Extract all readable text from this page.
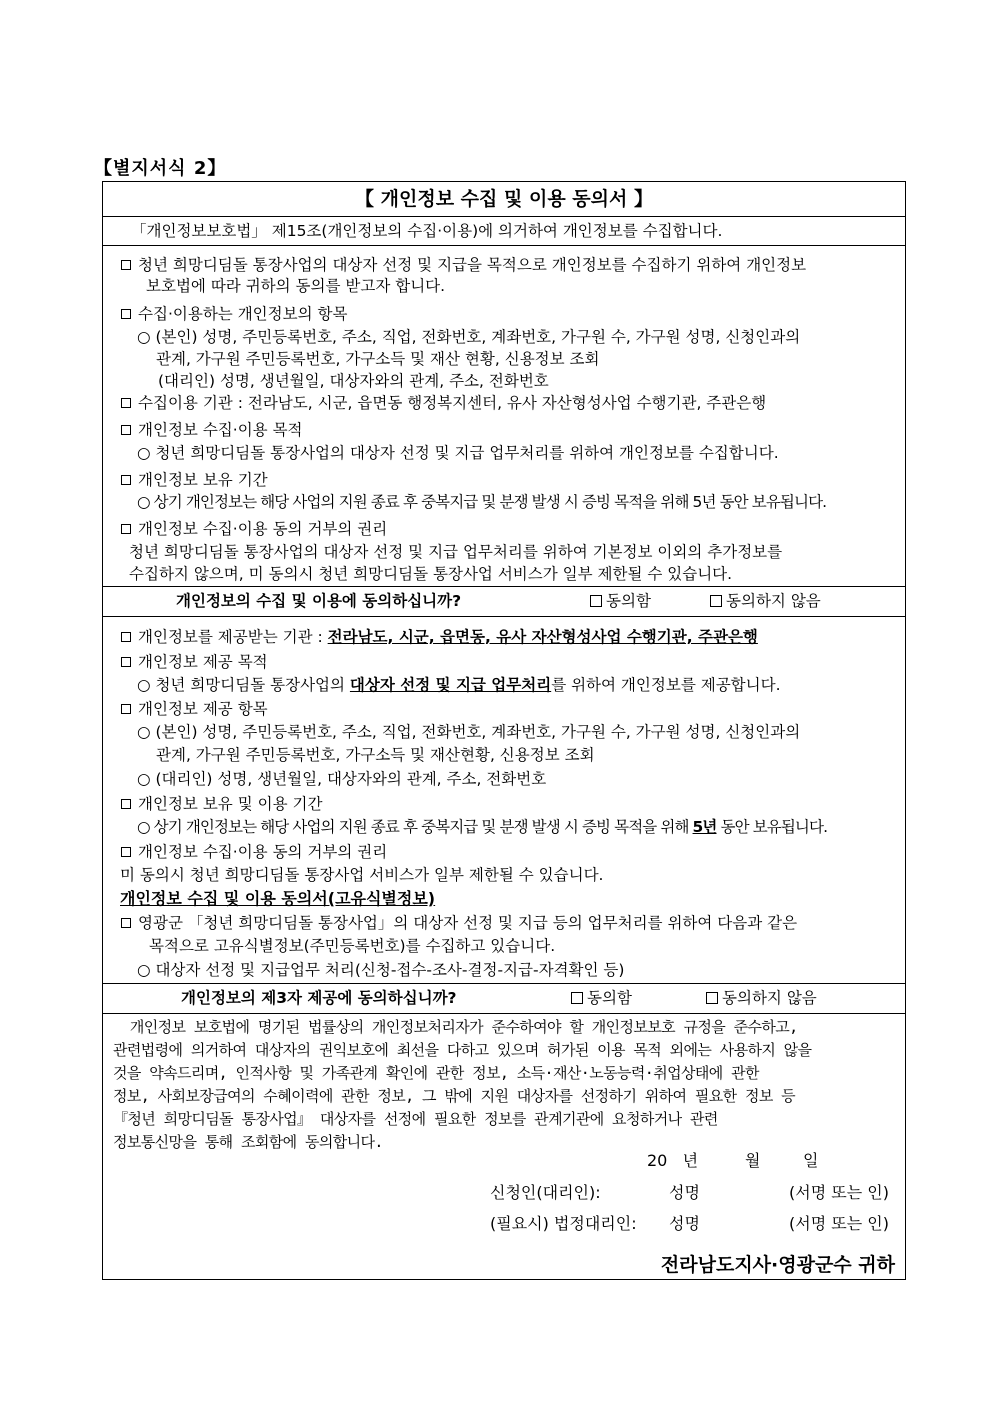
【별지서식 2】
【 개인정보 수집 및 이용 동의서 】
「개인정보보호법」 제15조(개인정보의 수집·이용)에 의거하여 개인정보를 수집합니다.
청년 희망디딤돌 통장사업의 대상자 선정 및 지급을 목적으로 개인정보를 수집하기 위하여 개인정보
보호법에 따라 귀하의 동의를 받고자 합니다.
수집·이용하는 개인정보의 항목
○ (본인) 성명, 주민등록번호, 주소, 직업, 전화번호, 계좌번호, 가구원 수, 가구원 성명, 신청인과의
관계, 가구원 주민등록번호, 가구소득 및 재산 현황, 신용정보 조회
(대리인) 성명, 생년월일, 대상자와의 관계, 주소, 전화번호
수집이용 기관 : 전라남도, 시군, 읍면동 행정복지센터, 유사 자산형성사업 수행기관, 주관은행
개인정보 수집·이용 목적
○ 청년 희망디딤돌 통장사업의 대상자 선정 및 지급 업무처리를 위하여 개인정보를 수집합니다.
개인정보 보유 기간
○ 상기 개인정보는 해당 사업의 지원 종료 후 중복지급 및 분쟁 발생 시 증빙 목적을 위해 5년 동안 보유됩니다.
개인정보 수집·이용 동의 거부의 권리
청년 희망디딤돌 통장사업의 대상자 선정 및 지급 업무처리를 위하여 기본정보 이외의 추가정보를
수집하지 않으며, 미 동의시 청년 희망디딤돌 통장사업 서비스가 일부 제한될 수 있습니다.
개인정보의 수집 및 이용에 동의하십니까?	동의함	동의하지 않음
개인정보를 제공받는 기관 : 전라남도, 시군, 읍면동, 유사 자산형성사업 수행기관, 주관은행
개인정보 제공 목적
○ 청년 희망디딤돌 통장사업의 대상자 선정 및 지급 업무처리를 위하여 개인정보를 제공합니다.
개인정보 제공 항목
○ (본인) 성명, 주민등록번호, 주소, 직업, 전화번호, 계좌번호, 가구원 수, 가구원 성명, 신청인과의
관계, 가구원 주민등록번호, 가구소득 및 재산현황, 신용정보 조회
○ (대리인) 성명, 생년월일, 대상자와의 관계, 주소, 전화번호
개인정보 보유 및 이용 기간
○ 상기 개인정보는 해당 사업의 지원 종료 후 중복지급 및 분쟁 발생 시 증빙 목적을 위해 5년 동안 보유됩니다.
개인정보 수집·이용 동의 거부의 권리
미 동의시 청년 희망디딤돌 통장사업 서비스가 일부 제한될 수 있습니다.
개인정보 수집 및 이용 동의서(고유식별정보)
영광군 「청년 희망디딤돌 통장사업」의 대상자 선정 및 지급 등의 업무처리를 위하여 다음과 같은
목적으로 고유식별정보(주민등록번호)를 수집하고 있습니다.
○ 대상자 선정 및 지급업무 처리(신청-접수-조사-결정-지급-자격확인 등)
개인정보의 제3자 제공에 동의하십니까?	동의함	동의하지 않음
개인정보 보호법에 명기된 법률상의 개인정보처리자가 준수하여야 할 개인정보보호 규정을 준수하고,
관련법령에 의거하여 대상자의 권익보호에 최선을 다하고 있으며 허가된 이용 목적 외에는 사용하지 않을
것을 약속드리며, 인적사항 및 가족관계 확인에 관한 정보, 소득·재산·노동능력·취업상태에 관한
정보, 사회보장급여의 수혜이력에 관한 정보, 그 밖에 지원 대상자를 선정하기 위하여 필요한 정보 등
『청년 희망디딤돌 통장사업』 대상자를 선정에 필요한 정보를 관계기관에 요청하거나 관련
정보통신망을 통해 조회함에 동의합니다.
20   년	월	일
신청인(대리인):	성명	(서명 또는 인)
(필요시) 법정대리인: 성명	(서명 또는 인)
전라남도지사·영광군수 귀하
